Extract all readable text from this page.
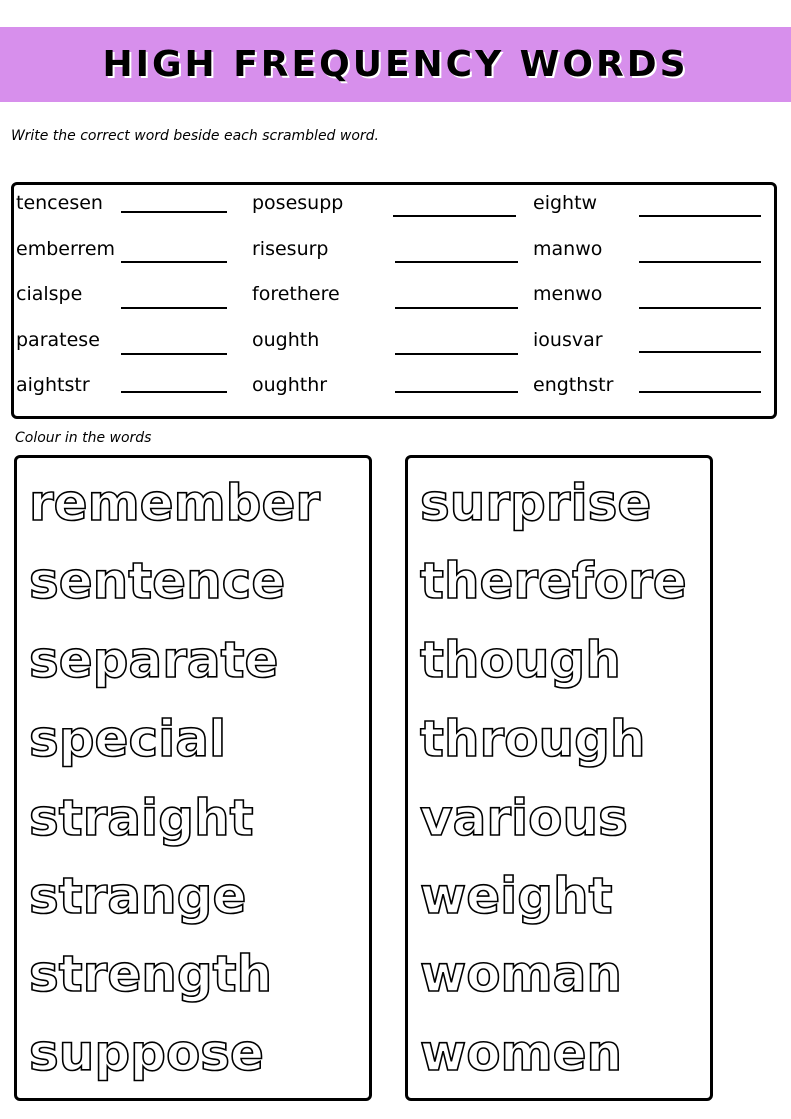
HIGH FREQUENCY WORDS
Write the correct word beside each scrambled word.
tencesen
emberrem
cialspe
paratese
aightstr
posesupp
risesurp
forethere
oughth
oughthr
eightw
manwo
menwo
iousvar
engthstr
Colour in the words
remember
sentence
separate
special
straight
strange
strength
suppose
surprise
therefore
though
through
various
weight
woman
women
